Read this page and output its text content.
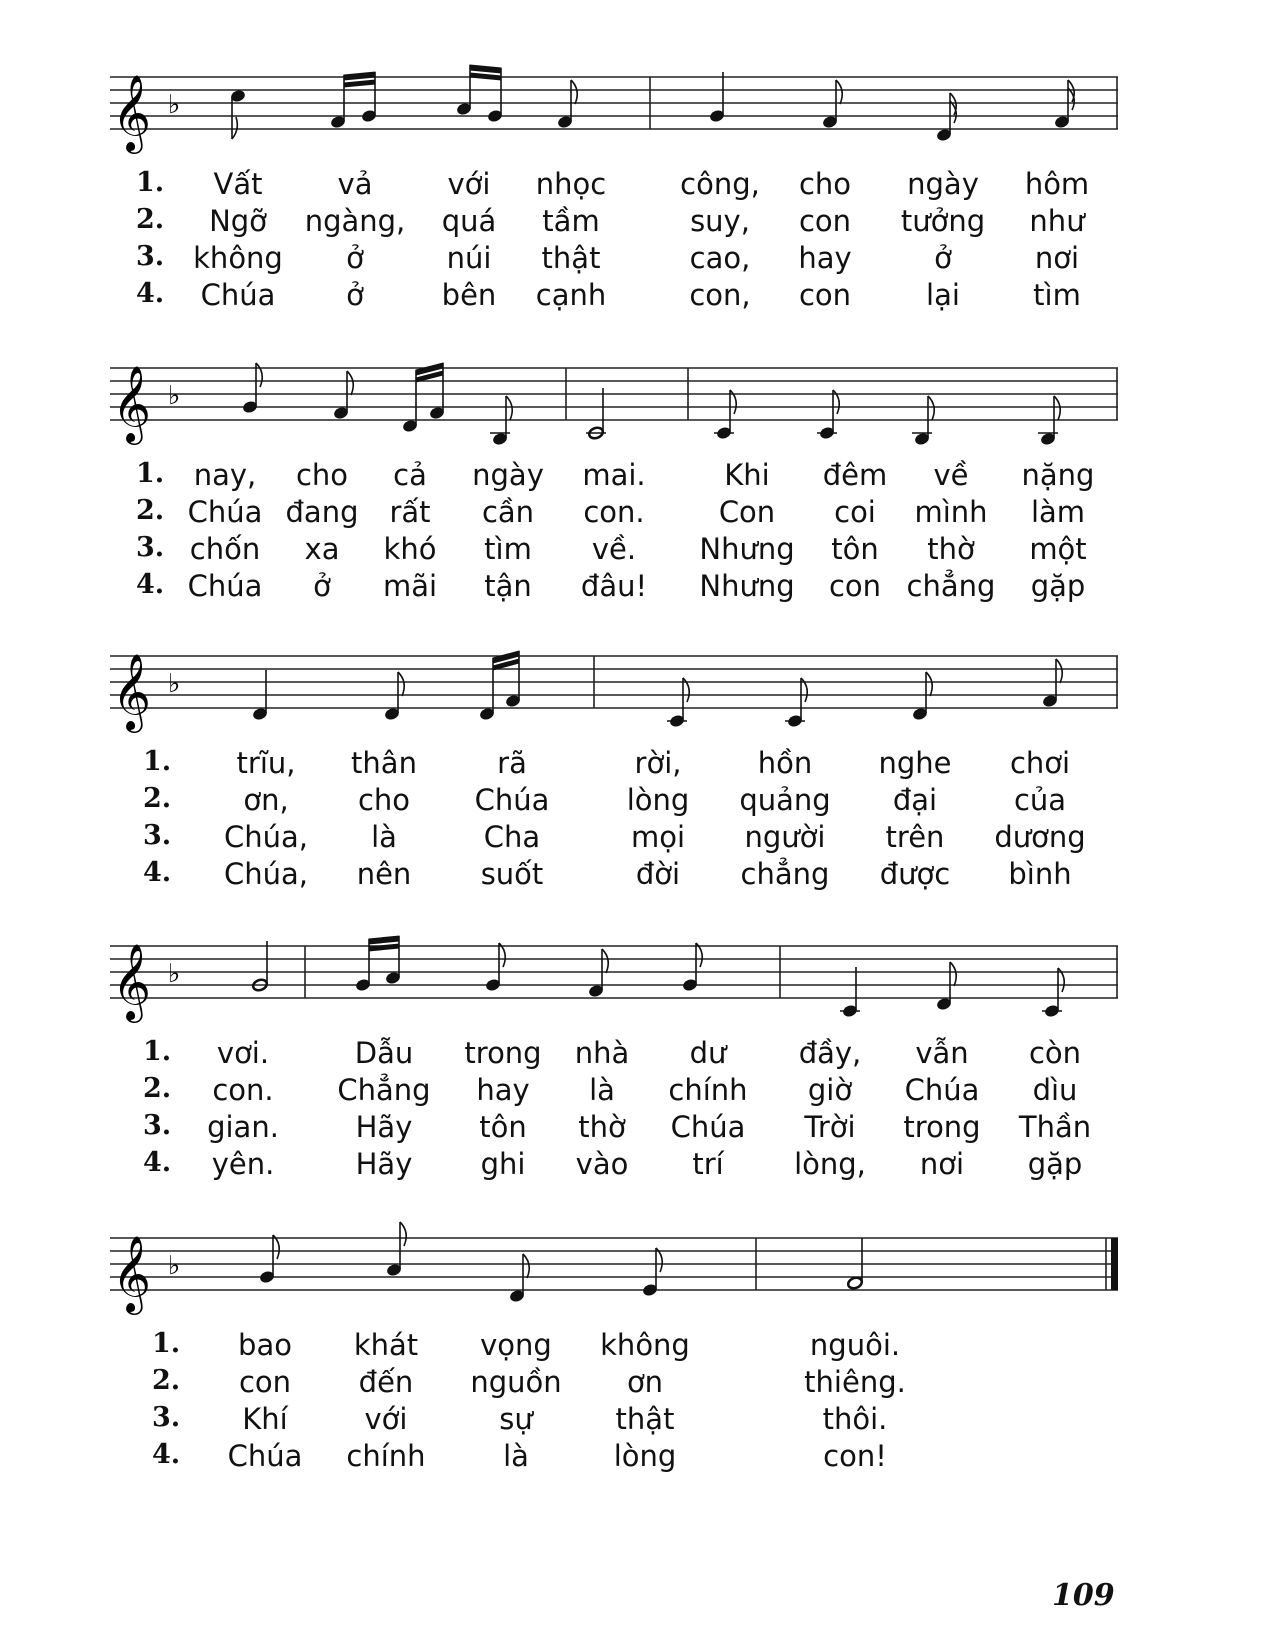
𝄞 ♭
1. Vất	vả	với nhọc	công, cho ngày hôm
2. Ngỡ ngàng, quá tầm	suy, con tưởng như
3. không ở	núi thật	cao, hay	ở	nơi
4. Chúa ở	bên cạnh	con, con	lại	tìm
𝄞 ♭
1. nay, cho cả ngày mai.	Khi đêm về nặng
2. Chúa đang rất cần con.	Con coi mình làm
3. chốn xa khó tìm về. Nhưng tôn thờ một
4. Chúa ở mãi tận đâu! Nhưng con chẳng gặp
𝄞 ♭
1. trĩu, thân	rã	rời,	hồn nghe chơi
2. ơn, cho Chúa	lòng quảng đại	của
3. Chúa, là	Cha	mọi người trên dương
4. Chúa, nên suốt	đời chẳng được bình
𝄞 ♭
1. vơi.	Dẫu trong nhà dư đầy, vẫn còn
2. con. Chẳng hay là chính giờ Chúa dìu
3. gian.	Hãy tôn thờ Chúa Trời trong Thần
4. yên.	Hãy ghi vào trí lòng, nơi gặp
𝄞 ♭
1. bao khát vọng không	nguôi.
2. con đến nguồn ơn	thiêng.
3. Khí	với	sự	thật	thôi.
4. Chúa chính	là	lòng	con!
109
